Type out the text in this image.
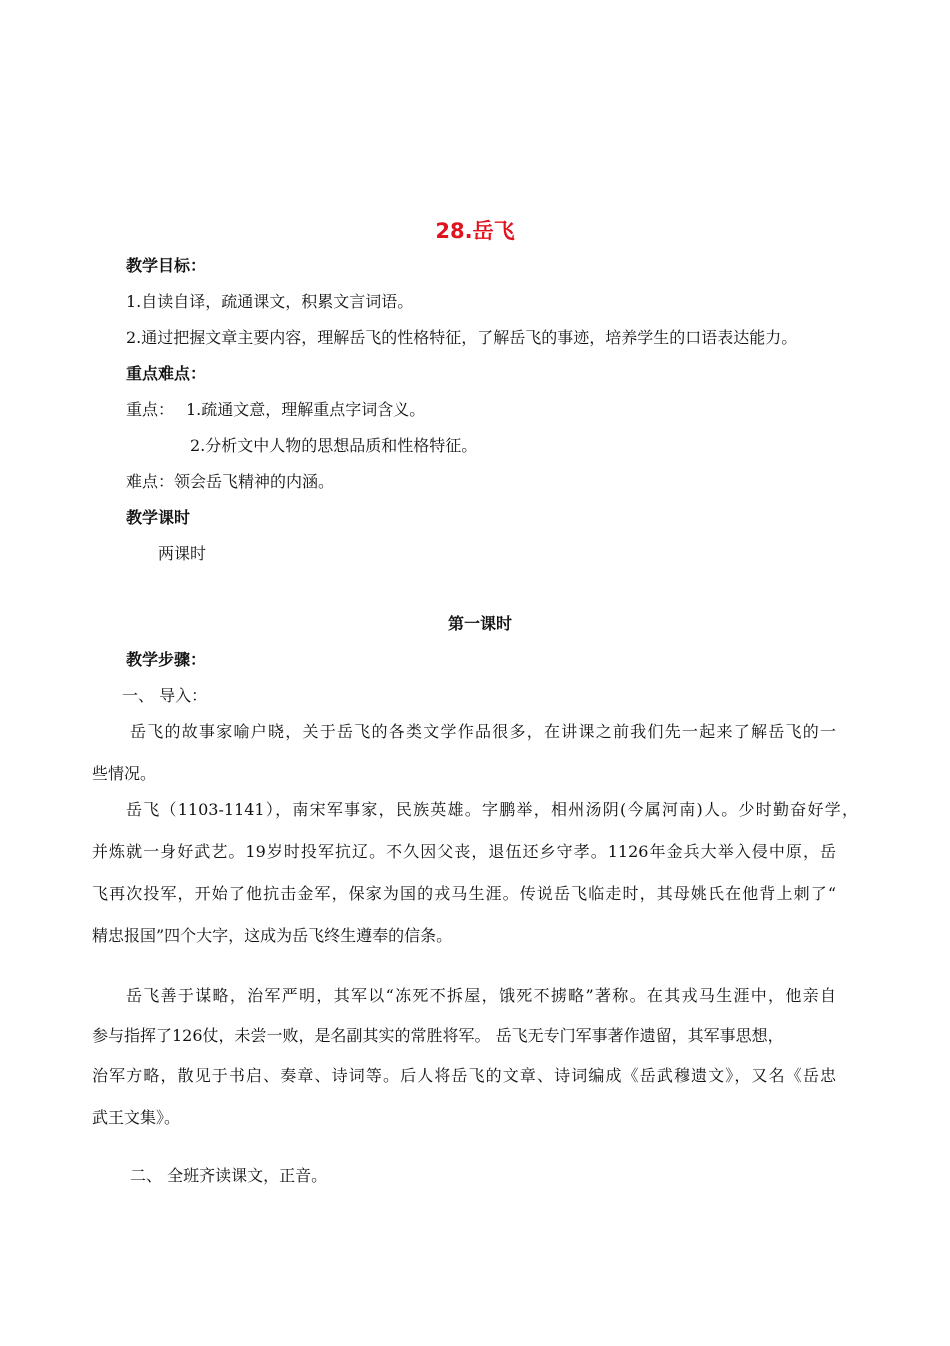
28.岳飞
教学目标：
1.自读自译，疏通课文，积累文言词语。
2.通过把握文章主要内容，理解岳飞的性格特征，了解岳飞的事迹，培养学生的口语表达能力。
重点难点：
重点： 1.疏通文意，理解重点字词含义。
2.分析文中人物的思想品质和性格特征。
难点：领会岳飞精神的内涵。
教学课时
两课时
第一课时
教学步骤：
一、 导入：
岳飞的故事家喻户晓，关于岳飞的各类文学作品很多，在讲课之前我们先一起来了解岳飞的一
些情况。
岳飞（1103-1141），南宋军事家，民族英雄。字鹏举，相州汤阴(今属河南)人。少时勤奋好学，
并炼就一身好武艺。19岁时投军抗辽。不久因父丧，退伍还乡守孝。1126年金兵大举入侵中原，岳
飞再次投军，开始了他抗击金军，保家为国的戎马生涯。传说岳飞临走时，其母姚氏在他背上刺了“
精忠报国”四个大字，这成为岳飞终生遵奉的信条。
岳飞善于谋略，治军严明，其军以“冻死不拆屋，饿死不掳略”著称。在其戎马生涯中，他亲自
参与指挥了126仗，未尝一败，是名副其实的常胜将军。 岳飞无专门军事著作遗留，其军事思想，
治军方略，散见于书启、奏章、诗词等。后人将岳飞的文章、诗词编成《岳武穆遗文》，又名《岳忠
武王文集》。
二、 全班齐读课文，正音。
